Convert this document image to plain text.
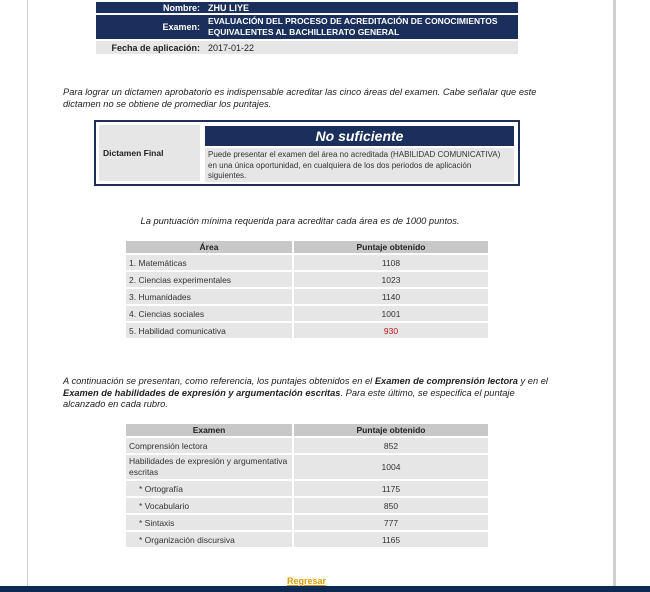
Nombre:	ZHU LIYE
Examen:	EVALUACIÓN DEL PROCESO DE ACREDITACIÓN DE CONOCIMIENTOS EQUIVALENTES AL BACHILLERATO GENERAL
Fecha de aplicación:	2017-01-22

Para lograr un dictamen aprobatorio es indispensable acreditar las cinco áreas del examen. Cabe señalar que este dictamen no se obtiene de promediar los puntajes.

Dictamen Final
No suficiente
Puede presentar el examen del área no acreditada (HABILIDAD COMUNICATIVA) en una única oportunidad, en cualquiera de los dos periodos de aplicación siguientes.

La puntuación mínima requerida para acreditar cada área es de 1000 puntos.

Área	Puntaje obtenido
1. Matemáticas	1108
2. Ciencias experimentales	1023
3. Humanidades	1140
4. Ciencias sociales	1001
5. Habilidad comunicativa	930

A continuación se presentan, como referencia, los puntajes obtenidos en el Examen de comprensión lectora y en el Examen de habilidades de expresión y argumentación escritas. Para este último, se especifica el puntaje alcanzado en cada rubro.

Examen	Puntaje obtenido
Comprensión lectora	852
Habilidades de expresión y argumentativa escritas	1004
* Ortografía	1175
* Vocabulario	850
* Sintaxis	777
* Organización discursiva	1165
Regresar
